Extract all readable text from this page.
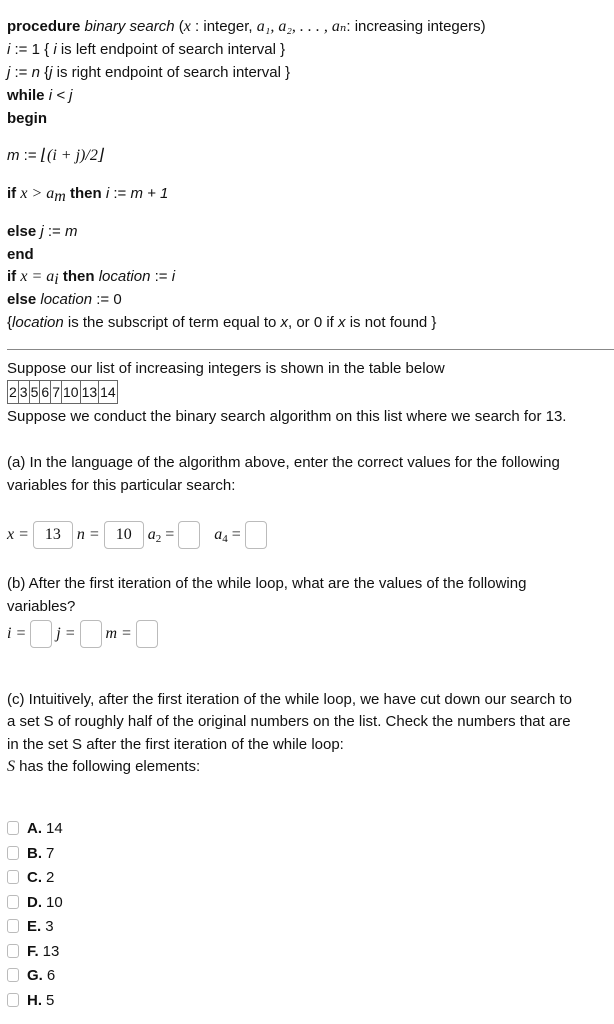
procedure binary search (x : integer, a₁, a₂, . . . , aₙ: increasing integers)
i := 1 { i is left endpoint of search interval }
j := n {j is right endpoint of search interval }
while i < j
begin
m := ⌊(i + j)/2⌋
if $x > a_m$ then i := m + 1
else j := m
end
if $x = a_i$ then location := i
else location := 0
{location is the subscript of term equal to x, or 0 if x is not found }
Suppose our list of increasing integers is shown in the table below
2 3 5 6 7 10 13 14
Suppose we conduct the binary search algorithm on this list where we search for 13.
(a) In the language of the algorithm above, enter the correct values for the following
variables for this particular search:
x =	13	n =	10	$a_2$ =	$a_4$ =
(b) After the first iteration of the while loop, what are the values of the following
variables?
i = j = m =
(c) Intuitively, after the first iteration of the while loop, we have cut down our search to
a set S of roughly half of the original numbers on the list. Check the numbers that are
in the set S after the first iteration of the while loop:
S has the following elements:
A. 14
B. 7
C. 2
D. 10
E. 3
F. 13
G. 6
H. 5
